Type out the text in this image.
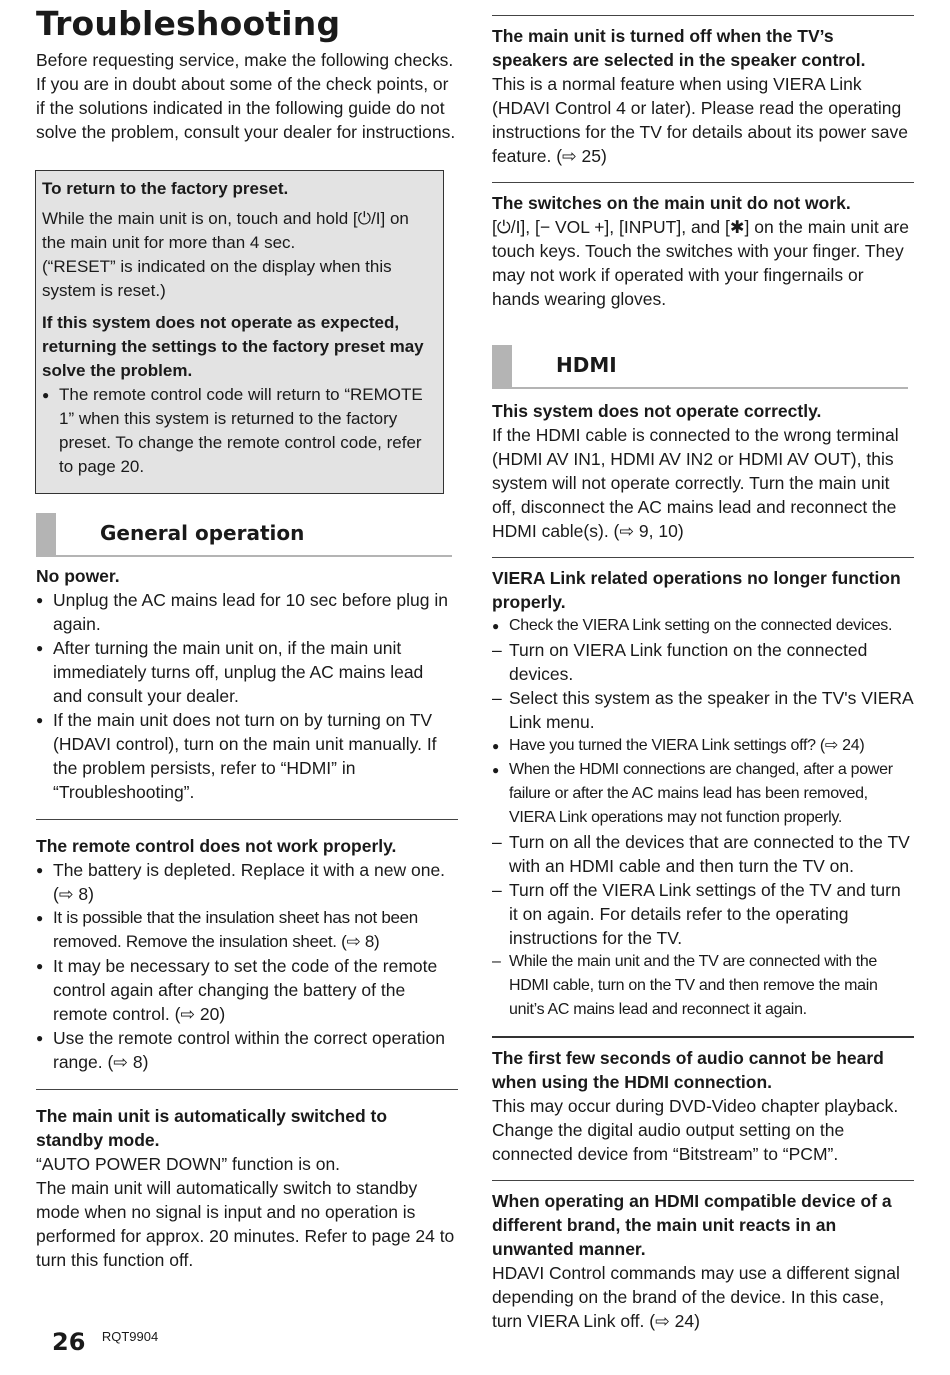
Troubleshooting
Before requesting service, make the following checks. If you are in doubt about some of the check points, or if the solutions indicated in the following guide do not solve the problem, consult your dealer for instructions.
To return to the factory preset.
While the main unit is on, touch and hold [⏻/I] on the main unit for more than 4 sec.
(“RESET” is indicated on the display when this system is reset.)
If this system does not operate as expected, returning the settings to the factory preset may solve the problem.
● The remote control code will return to “REMOTE 1” when this system is returned to the factory preset. To change the remote control code, refer to page 20.
General operation
No power.
● Unplug the AC mains lead for 10 sec before plug in again.
● After turning the main unit on, if the main unit immediately turns off, unplug the AC mains lead and consult your dealer.
● If the main unit does not turn on by turning on TV (HDAVI control), turn on the main unit manually. If the problem persists, refer to “HDMI” in “Troubleshooting”.
The remote control does not work properly.
● The battery is depleted. Replace it with a new one. (⇨ 8)
● It is possible that the insulation sheet has not been removed. Remove the insulation sheet. (⇨ 8)
● It may be necessary to set the code of the remote control again after changing the battery of the remote control. (⇨ 20)
● Use the remote control within the correct operation range. (⇨ 8)
The main unit is automatically switched to standby mode.
“AUTO POWER DOWN” function is on.
The main unit will automatically switch to standby mode when no signal is input and no operation is performed for approx. 20 minutes. Refer to page 24 to turn this function off.
The main unit is turned off when the TV’s speakers are selected in the speaker control.
This is a normal feature when using VIERA Link (HDAVI Control 4 or later). Please read the operating instructions for the TV for details about its power save feature. (⇨ 25)
The switches on the main unit do not work.
[⏻/I], [− VOL +], [INPUT], and [✱] on the main unit are touch keys. Touch the switches with your finger. They may not work if operated with your fingernails or hands wearing gloves.
HDMI
This system does not operate correctly.
If the HDMI cable is connected to the wrong terminal (HDMI AV IN1, HDMI AV IN2 or HDMI AV OUT), this system will not operate correctly. Turn the main unit off, disconnect the AC mains lead and reconnect the HDMI cable(s). (⇨ 9, 10)
VIERA Link related operations no longer function properly.
● Check the VIERA Link setting on the connected devices.
– Turn on VIERA Link function on the connected devices.
– Select this system as the speaker in the TV's VIERA Link menu.
● Have you turned the VIERA Link settings off? (⇨ 24)
● When the HDMI connections are changed, after a power failure or after the AC mains lead has been removed, VIERA Link operations may not function properly.
– Turn on all the devices that are connected to the TV with an HDMI cable and then turn the TV on.
– Turn off the VIERA Link settings of the TV and turn it on again. For details refer to the operating instructions for the TV.
– While the main unit and the TV are connected with the HDMI cable, turn on the TV and then remove the main unit’s AC mains lead and reconnect it again.
The first few seconds of audio cannot be heard when using the HDMI connection.
This may occur during DVD-Video chapter playback. Change the digital audio output setting on the connected device from “Bitstream” to “PCM”.
When operating an HDMI compatible device of a different brand, the main unit reacts in an unwanted manner.
HDAVI Control commands may use a different signal depending on the brand of the device. In this case, turn VIERA Link off. (⇨ 24)
26 RQT9904
